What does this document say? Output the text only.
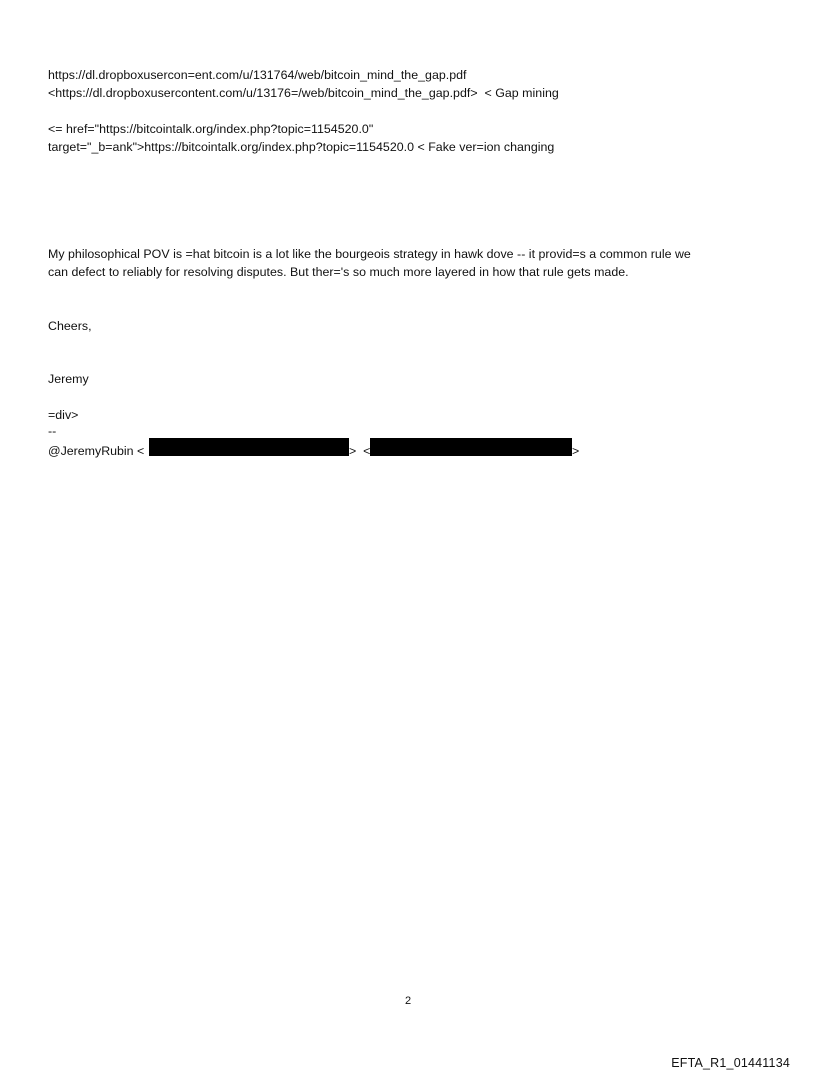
https://dl.dropboxusercon=ent.com/u/131764/web/bitcoin_mind_the_gap.pdf
<https://dl.dropboxusercontent.com/u/13176=/web/bitcoin_mind_the_gap.pdf>  < Gap mining
<= href="https://bitcointalk.org/index.php?topic=1154520.0"
target="_b=ank">https://bitcointalk.org/index.php?topic=1154520.0 < Fake ver=ion changing
My philosophical POV is =hat bitcoin is a lot like the bourgeois strategy in hawk dove -- it provid=s a common rule we
can defect to reliably for resolving disputes. But ther='s so much more layered in how that rule gets made.
Cheers,
Jeremy
=div>
--
@JeremyRubin <	>  <	>
2
EFTA_R1_01441134
